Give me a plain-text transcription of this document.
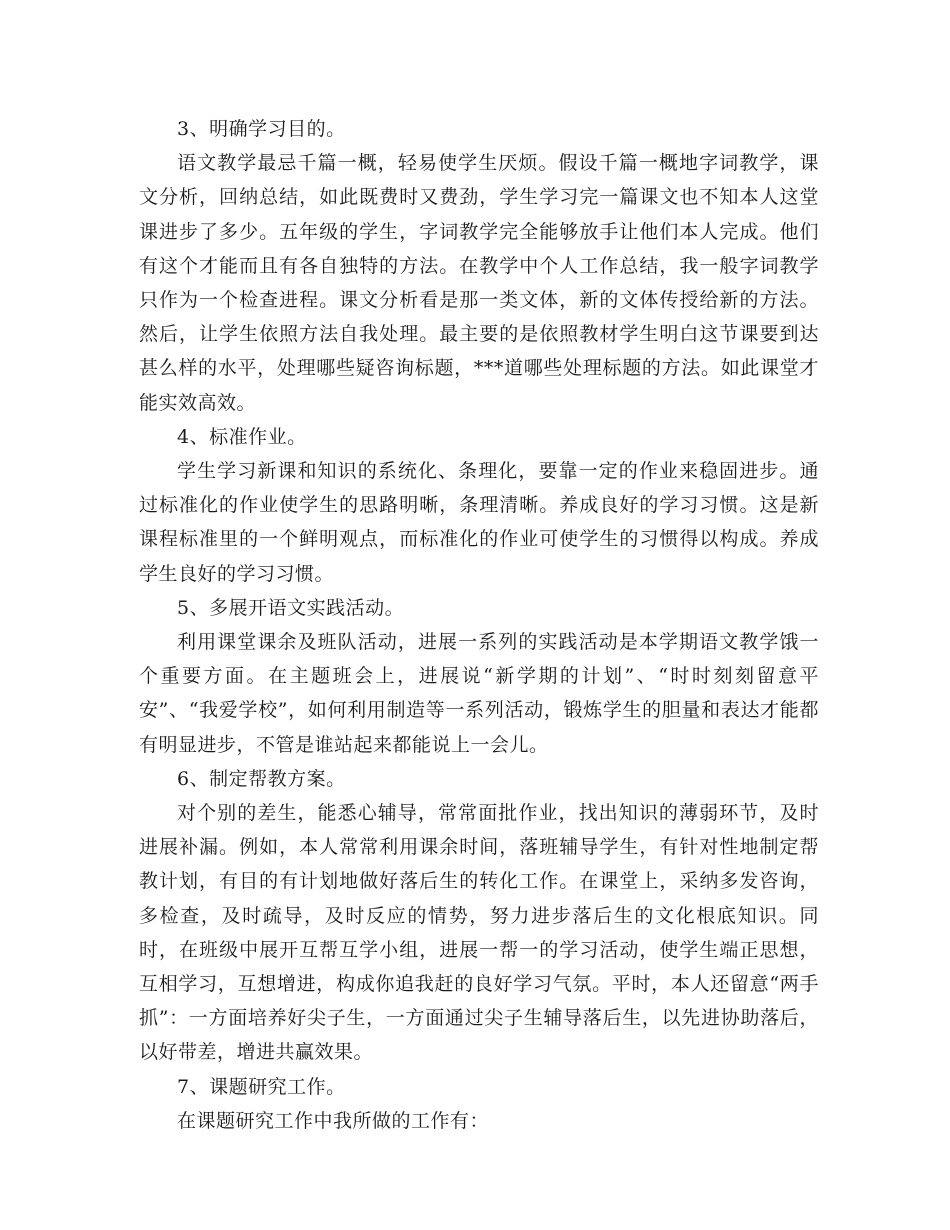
3、明确学习目的。

语文教学最忌千篇一概，轻易使学生厌烦。假设千篇一概地字词教学，课文分析，回纳总结，如此既费时又费劲，学生学习完一篇课文也不知本人这堂课进步了多少。五年级的学生，字词教学完全能够放手让他们本人完成。他们有这个才能而且有各自独特的方法。在教学中个人工作总结，我一般字词教学只作为一个检查进程。课文分析看是那一类文体，新的文体传授给新的方法。然后，让学生依照方法自我处理。最主要的是依照教材学生明白这节课要到达甚么样的水平，处理哪些疑咨询标题，***道哪些处理标题的方法。如此课堂才能实效高效。

4、标准作业。

学生学习新课和知识的系统化、条理化，要靠一定的作业来稳固进步。通过标准化的作业使学生的思路明晰，条理清晰。养成良好的学习习惯。这是新课程标准里的一个鲜明观点，而标准化的作业可使学生的习惯得以构成。养成学生良好的学习习惯。

5、多展开语文实践活动。

利用课堂课余及班队活动，进展一系列的实践活动是本学期语文教学饿一个重要方面。在主题班会上，进展说“新学期的计划”、“时时刻刻留意平安”、“我爱学校”，如何利用制造等一系列活动，锻炼学生的胆量和表达才能都有明显进步，不管是谁站起来都能说上一会儿。

6、制定帮教方案。

对个别的差生，能悉心辅导，常常面批作业，找出知识的薄弱环节，及时进展补漏。例如，本人常常利用课余时间，落班辅导学生，有针对性地制定帮教计划，有目的有计划地做好落后生的转化工作。在课堂上，采纳多发咨询，多检查，及时疏导，及时反应的情势，努力进步落后生的文化根底知识。同时，在班级中展开互帮互学小组，进展一帮一的学习活动，使学生端正思想，互相学习，互想增进，构成你追我赶的良好学习气氛。平时，本人还留意“两手抓”：一方面培养好尖子生，一方面通过尖子生辅导落后生，以先进协助落后，以好带差，增进共赢效果。

7、课题研究工作。

在课题研究工作中我所做的工作有：
